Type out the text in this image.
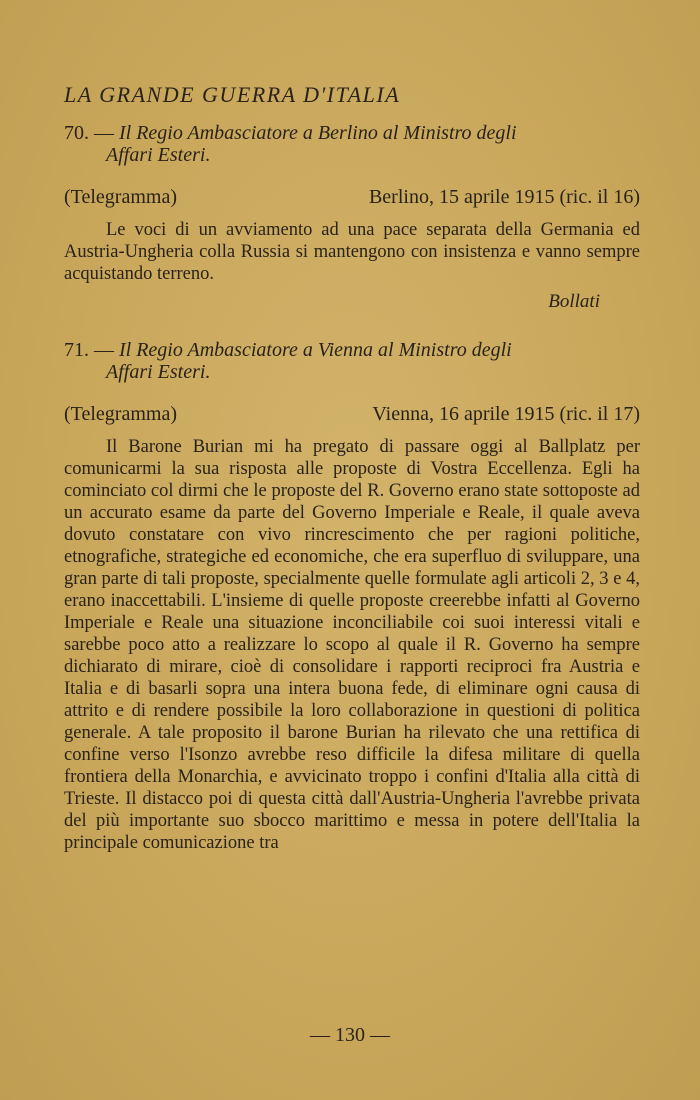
LA GRANDE GUERRA D'ITALIA

70. — Il Regio Ambasciatore a Berlino al Ministro degli
Affari Esteri.

(Telegramma)	Berlino, 15 aprile 1915 (ric. il 16)

Le voci di un avviamento ad una pace separata della Germania ed Austria-Ungheria colla Russia si mantengono con insistenza e vanno sempre acquistando terreno.

Bollati

71. — Il Regio Ambasciatore a Vienna al Ministro degli
Affari Esteri.

(Telegramma)	Vienna, 16 aprile 1915 (ric. il 17)

Il Barone Burian mi ha pregato di passare oggi al Ballplatz per comunicarmi la sua risposta alle proposte di Vostra Eccellenza. Egli ha cominciato col dirmi che le proposte del R. Governo erano state sottoposte ad un accurato esame da parte del Governo Imperiale e Reale, il quale aveva dovuto constatare con vivo rincrescimento che per ragioni politiche, etnografiche, strategiche ed economiche, che era superfluo di sviluppare, una gran parte di tali proposte, specialmente quelle formulate agli articoli 2, 3 e 4, erano inaccettabili. L'insieme di quelle proposte creerebbe infatti al Governo Imperiale e Reale una situazione inconciliabile coi suoi interessi vitali e sarebbe poco atto a realizzare lo scopo al quale il R. Governo ha sempre dichiarato di mirare, cioè di consolidare i rapporti reciproci fra Austria e Italia e di basarli sopra una intera buona fede, di eliminare ogni causa di attrito e di rendere possibile la loro collaborazione in questioni di politica generale. A tale proposito il barone Burian ha rilevato che una rettifica di confine verso l'Isonzo avrebbe reso difficile la difesa militare di quella frontiera della Monarchia, e avvicinato troppo i confini d'Italia alla città di Trieste. Il distacco poi di questa città dall'Austria-Ungheria l'avrebbe privata del più importante suo sbocco marittimo e messa in potere dell'Italia la principale comunicazione tra

— 130 —
